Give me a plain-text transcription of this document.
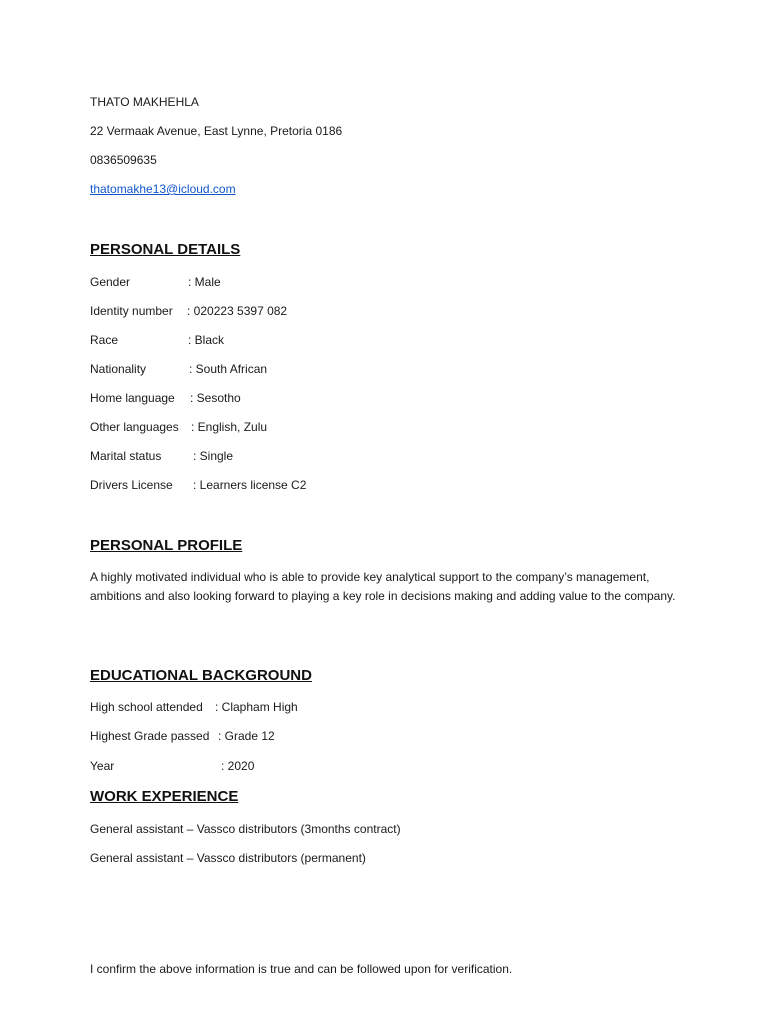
THATO MAKHEHLA
22 Vermaak Avenue, East Lynne, Pretoria 0186
0836509635
thatomakhe13@icloud.com
PERSONAL DETAILS
Gender	: Male
Identity number : 020223 5397 082
Race	: Black
Nationality	: South African
Home language : Sesotho
Other languages : English, Zulu
Marital status	: Single
Drivers License : Learners license C2
PERSONAL PROFILE
A highly motivated individual who is able to provide key analytical support to the company’s management, ambitions and also looking forward to playing a key role in decisions making and adding value to the company.
EDUCATIONAL BACKGROUND
High school attended : Clapham High
Highest Grade passed : Grade 12
Year	: 2020
WORK EXPERIENCE
General assistant – Vassco distributors (3months contract)
General assistant – Vassco distributors (permanent)
I confirm the above information is true and can be followed upon for verification.
